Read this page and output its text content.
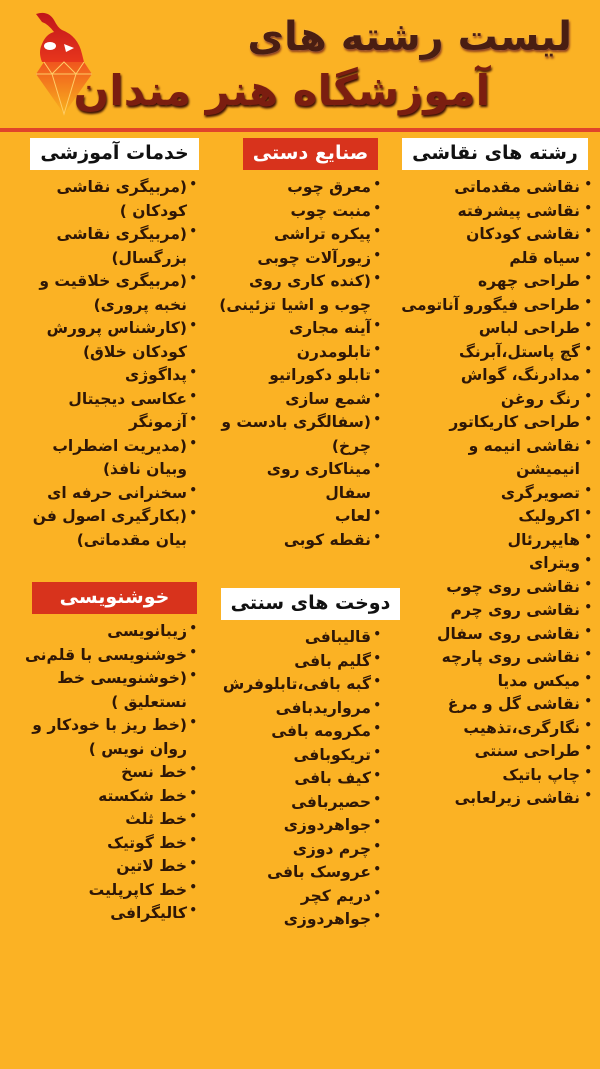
لیست رشته های
آموزشگاه هنر مندان
رشته های نقاشی
• نقاشی مقدماتی
• نقاشی پیشرفته
• نقاشی کودکان
• سیاه قلم
• طراحی چهره
• طراحی فیگورو آناتومی
• طراحی لباس
• گچ پاستل،آبرنگ
• مدادرنگ، گواش
• رنگ روغن
• طراحی کاریکاتور
• نقاشی انیمه و انیمیشن
• تصویرگری
• اکرولیک
• هایپررئال
• ویترای
• نقاشی روی چوب
• نقاشی روی چرم
• نقاشی روی سفال
• نقاشی روی پارچه
• میکس مدیا
• نقاشی گل و مرغ
• نگارگری،تذهیب
• طراحی سنتی
• چاپ باتیک
• نقاشی زیرلعابی
صنایع دستی
• معرق چوب
• منبت چوب
• پیکره تراشی
• زیورآلات چوبی
• (کنده کاری روی چوب و اشیا تزئینی)
• آینه مجاری
• تابلومدرن
• تابلو دکوراتیو
• شمع سازی
• (سفالگری بادست و چرخ)
• میناکاری روی سفال
• لعاب
• نقطه کوبی
دوخت های سنتی
• قالیبافی
• گلیم بافی
• گبه بافی،تابلوفرش
• مرواریدبافی
• مکرومه بافی
• تریکوبافی
• کیف بافی
• حصیربافی
• جواهردوزی
• چرم دوزی
• عروسک بافی
• دریم کچر
• جواهردوزی
خدمات آموزشی
• (مربیگری نقاشی کودکان )
• (مربیگری نقاشی بزرگسال)
• (مربیگری خلاقیت و نخبه پروری)
• (کارشناس پرورش کودکان خلاق)
• پداگوژی
• عکاسی دیجیتال
• آزمونگر
• (مدیریت اضطراب وبیان نافذ)
• سخنرانی حرفه ای
• (بکارگیری اصول فن بیان مقدماتی)
خوشنویسی
• زیبانویسی
• خوشنویسی با قلم‌نی
• (خوشنویسی خط نستعلیق )
• (خط ریز با خودکار و روان نویس )
• خط نسخ
• خط شکسته
• خط ثلث
• خط گوتیک
• خط لاتین
• خط کاپرپلیت
• کالیگرافی
